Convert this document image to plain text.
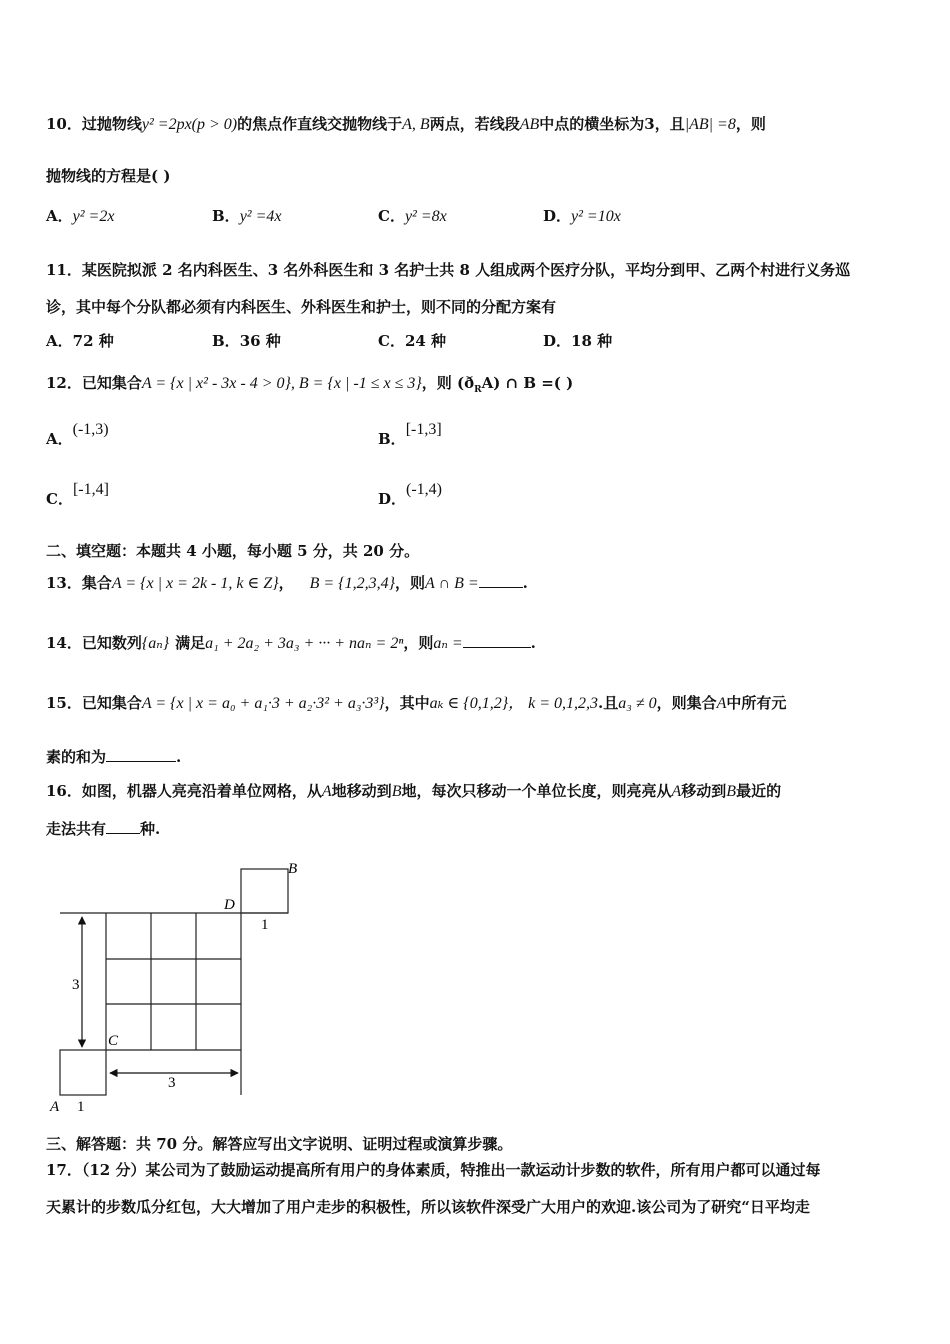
10．过抛物线y² =2px(p > 0)的焦点作直线交抛物线于A, B两点，若线段AB中点的横坐标为3，且|AB| =8，则
抛物线的方程是( )
A．y² =2x	B．y² =4x	C．y² =8x	D．y² =10x
11．某医院拟派 2 名内科医生、3 名外科医生和 3 名护士共 8 人组成两个医疗分队，平均分到甲、乙两个村进行义务巡
诊，其中每个分队都必须有内科医生、外科医生和护士，则不同的分配方案有
A．72 种	B．36 种	C．24 种	D．18 种
12．已知集合A = {x | x² - 3x - 4 > 0}, B = {x | -1 ≤ x ≤ 3}，则 $(ð_RA)$ ∩ B =( )
A．(-1,3)
B．[-1,3]
C．[-1,4]
D．(-1,4)
二、填空题：本题共 4 小题，每小题 5 分，共 20 分。
13．集合A = {x | x = 2k - 1, k ∈ Z}， B = {1,2,3,4}，则A ∩ B =	.
14．已知数列{aₙ} 满足a₁ + 2a₂ + 3a₃ + ··· + naₙ = 2ⁿ，则aₙ =	.
15．已知集合A = {x | x = a₀ + a₁·3 + a₂·3² + a₃·3³}，其中aₖ ∈ {0,1,2}， k = 0,1,2,3.且a₃ ≠ 0，则集合A中所有元
素的和为	.
16．如图，机器人亮亮沿着单位网格，从A地移动到B地，每次只移动一个单位长度，则亮亮从A移动到B最近的
走法共有 种.
3
3
1
1
A
B
C
D
三、解答题：共 70 分。解答应写出文字说明、证明过程或演算步骤。
17．（12 分）某公司为了鼓励运动提高所有用户的身体素质，特推出一款运动计步数的软件，所有用户都可以通过每
天累计的步数瓜分红包，大大增加了用户走步的积极性，所以该软件深受广大用户的欢迎.该公司为了研究“日平均走
